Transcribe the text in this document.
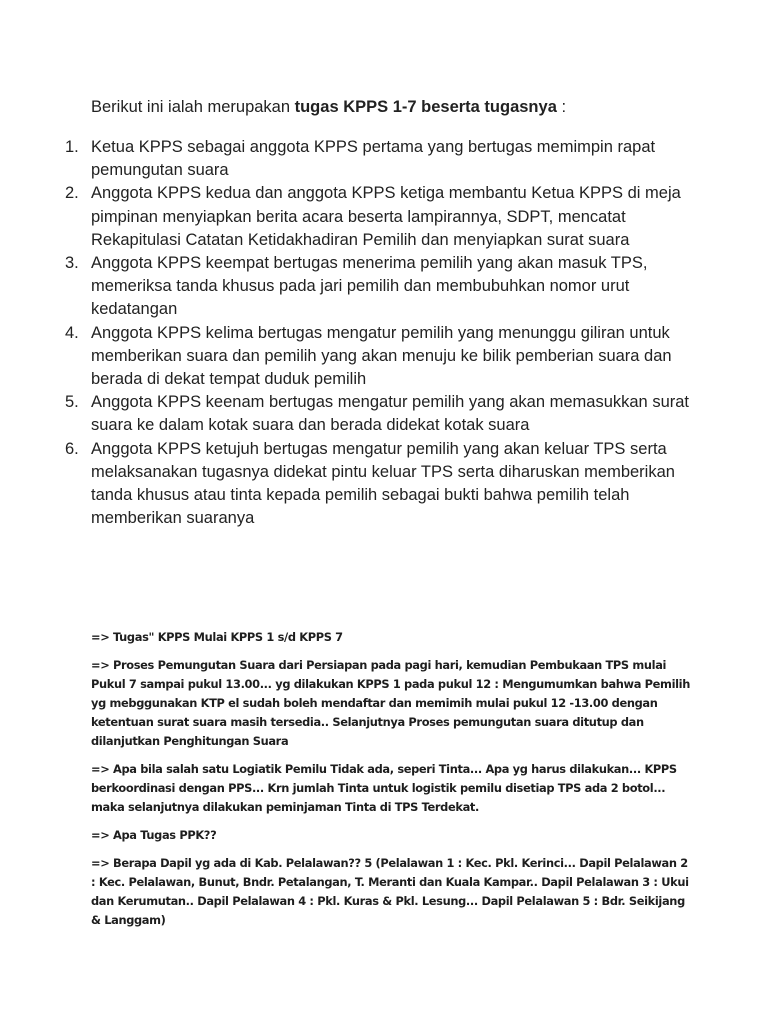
Berikut ini ialah merupakan tugas KPPS 1-7 beserta tugasnya :
1. Ketua KPPS sebagai anggota KPPS pertama yang bertugas memimpin rapat pemungutan suara
2. Anggota KPPS kedua dan anggota KPPS ketiga membantu Ketua KPPS di meja pimpinan menyiapkan berita acara beserta lampirannya, SDPT, mencatat Rekapitulasi Catatan Ketidakhadiran Pemilih dan menyiapkan surat suara
3. Anggota KPPS keempat bertugas menerima pemilih yang akan masuk TPS, memeriksa tanda khusus pada jari pemilih dan membubuhkan nomor urut kedatangan
4. Anggota KPPS kelima bertugas mengatur pemilih yang menunggu giliran untuk memberikan suara dan pemilih yang akan menuju ke bilik pemberian suara dan berada di dekat tempat duduk pemilih
5. Anggota KPPS keenam bertugas mengatur pemilih yang akan memasukkan surat suara ke dalam kotak suara dan berada didekat kotak suara
6. Anggota KPPS ketujuh bertugas mengatur pemilih yang akan keluar TPS serta melaksanakan tugasnya didekat pintu keluar TPS serta diharuskan memberikan tanda khusus atau tinta kepada pemilih sebagai bukti bahwa pemilih telah memberikan suaranya

=> Tugas" KPPS Mulai KPPS 1 s/d KPPS 7

=> Proses Pemungutan Suara dari Persiapan pada pagi hari, kemudian Pembukaan TPS mulai Pukul 7 sampai pukul 13.00... yg dilakukan KPPS 1 pada pukul 12 : Mengumumkan bahwa Pemilih yg mebggunakan KTP el sudah boleh mendaftar dan memimih mulai pukul 12 -13.00 dengan ketentuan surat suara masih tersedia.. Selanjutnya Proses pemungutan suara ditutup dan dilanjutkan Penghitungan Suara

=> Apa bila salah satu Logiatik Pemilu Tidak ada, seperi Tinta... Apa yg harus dilakukan... KPPS berkoordinasi dengan PPS... Krn jumlah Tinta untuk logistik pemilu disetiap TPS ada 2 botol... maka selanjutnya dilakukan peminjaman Tinta di TPS Terdekat.

=> Apa Tugas PPK??

=> Berapa Dapil yg ada di Kab. Pelalawan?? 5 (Pelalawan 1 : Kec. Pkl. Kerinci... Dapil Pelalawan 2 : Kec. Pelalawan, Bunut, Bndr. Petalangan, T. Meranti dan Kuala Kampar.. Dapil Pelalawan 3 : Ukui dan Kerumutan.. Dapil Pelalawan 4 : Pkl. Kuras & Pkl. Lesung... Dapil Pelalawan 5 : Bdr. Seikijang & Langgam)
